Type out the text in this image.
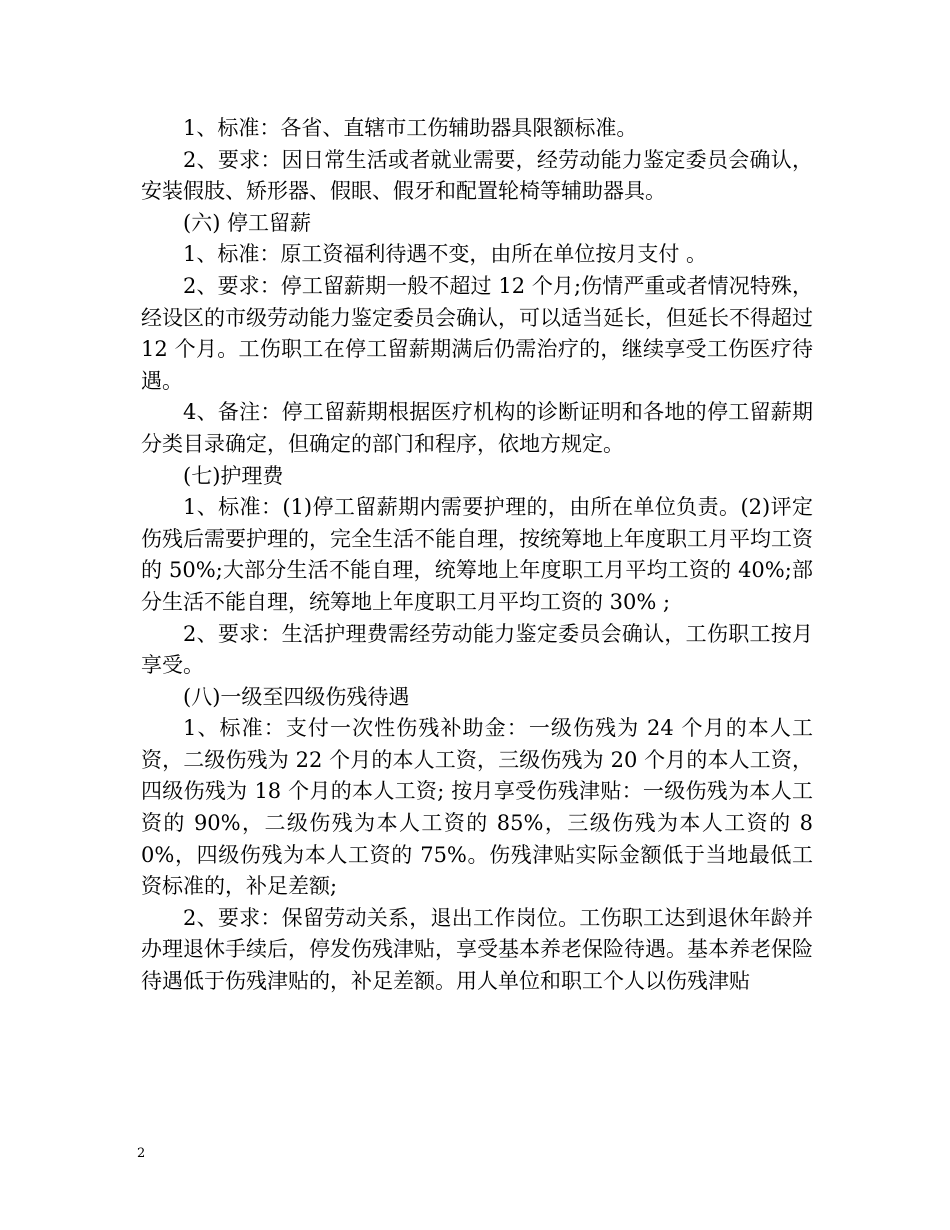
1、标准：各省、直辖市工伤辅助器具限额标准。

2、要求：因日常生活或者就业需要，经劳动能力鉴定委员会确认，安装假肢、矫形器、假眼、假牙和配置轮椅等辅助器具。

(六) 停工留薪

1、标准：原工资福利待遇不变，由所在单位按月支付 。

2、要求：停工留薪期一般不超过 12 个月;伤情严重或者情况特殊，经设区的市级劳动能力鉴定委员会确认，可以适当延长，但延长不得超过 12 个月。工伤职工在停工留薪期满后仍需治疗的，继续享受工伤医疗待遇。

4、备注：停工留薪期根据医疗机构的诊断证明和各地的停工留薪期分类目录确定，但确定的部门和程序，依地方规定。

(七)护理费

1、标准：(1)停工留薪期内需要护理的，由所在单位负责。(2)评定伤残后需要护理的，完全生活不能自理，按统筹地上年度职工月平均工资的 50%;大部分生活不能自理，统筹地上年度职工月平均工资的 40%;部分生活不能自理，统筹地上年度职工月平均工资的 30% ;

2、要求：生活护理费需经劳动能力鉴定委员会确认，工伤职工按月享受。

(八)一级至四级伤残待遇

1、标准：支付一次性伤残补助金：一级伤残为 24 个月的本人工资，二级伤残为 22 个月的本人工资，三级伤残为 20 个月的本人工资，四级伤残为 18 个月的本人工资; 按月享受伤残津贴：一级伤残为本人工资的 90%，二级伤残为本人工资的 85%，三级伤残为本人工资的 80%，四级伤残为本人工资的 75%。伤残津贴实际金额低于当地最低工资标准的，补足差额;

2、要求：保留劳动关系，退出工作岗位。工伤职工达到退休年龄并办理退休手续后，停发伤残津贴，享受基本养老保险待遇。基本养老保险待遇低于伤残津贴的，补足差额。用人单位和职工个人以伤残津贴

2
